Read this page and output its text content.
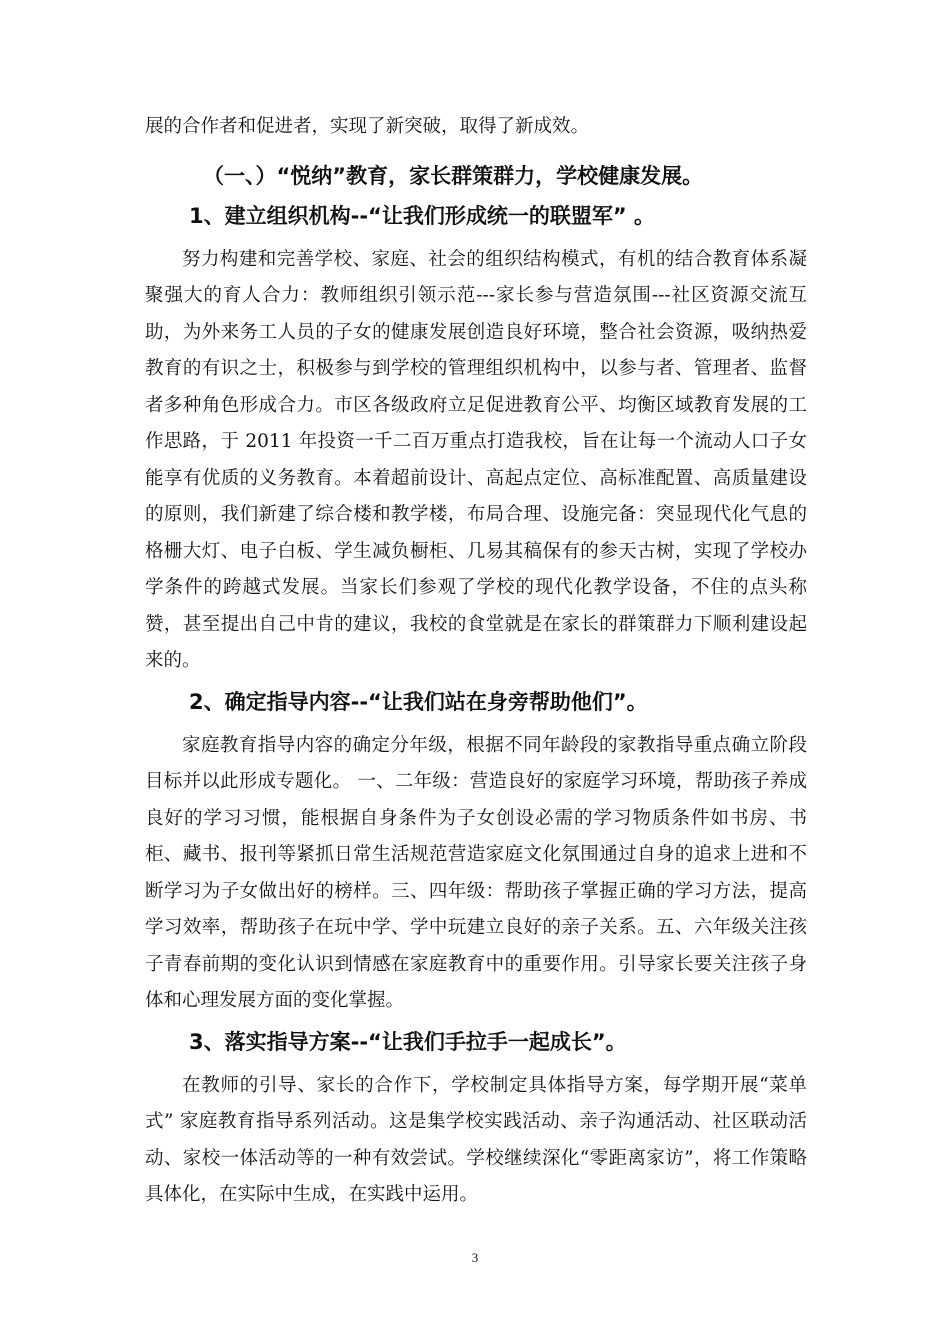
展的合作者和促进者，实现了新突破，取得了新成效。

（一、）“悦纳”教育，家长群策群力，学校健康发展。
1、建立组织机构--“让我们形成统一的联盟军” 。

努力构建和完善学校、家庭、社会的组织结构模式，有机的结合教育体系凝聚强大的育人合力：教师组织引领示范---家长参与营造氛围---社区资源交流互助，为外来务工人员的子女的健康发展创造良好环境，整合社会资源，吸纳热爱教育的有识之士，积极参与到学校的管理组织机构中，以参与者、管理者、监督者多种角色形成合力。市区各级政府立足促进教育公平、均衡区域教育发展的工作思路，于 2011 年投资一千二百万重点打造我校，旨在让每一个流动人口子女能享有优质的义务教育。本着超前设计、高起点定位、高标准配置、高质量建设的原则，我们新建了综合楼和教学楼，布局合理、设施完备：突显现代化气息的格栅大灯、电子白板、学生减负橱柜、几易其稿保有的参天古树，实现了学校办学条件的跨越式发展。当家长们参观了学校的现代化教学设备，不住的点头称赞，甚至提出自己中肯的建议，我校的食堂就是在家长的群策群力下顺利建设起来的。

2、确定指导内容--“让我们站在身旁帮助他们”。

家庭教育指导内容的确定分年级，根据不同年龄段的家教指导重点确立阶段目标并以此形成专题化。 一、二年级：营造良好的家庭学习环境，帮助孩子养成良好的学习习惯，能根据自身条件为子女创设必需的学习物质条件如书房、书柜、藏书、报刊等紧抓日常生活规范营造家庭文化氛围通过自身的追求上进和不断学习为子女做出好的榜样。三、四年级：帮助孩子掌握正确的学习方法，提高学习效率，帮助孩子在玩中学、学中玩建立良好的亲子关系。五、六年级关注孩子青春前期的变化认识到情感在家庭教育中的重要作用。引导家长要关注孩子身体和心理发展方面的变化掌握。

3、落实指导方案--“让我们手拉手一起成长”。

在教师的引导、家长的合作下，学校制定具体指导方案，每学期开展“菜单式” 家庭教育指导系列活动。这是集学校实践活动、亲子沟通活动、社区联动活动、家校一体活动等的一种有效尝试。学校继续深化“零距离家访”，将工作策略具体化，在实际中生成，在实践中运用。

3
